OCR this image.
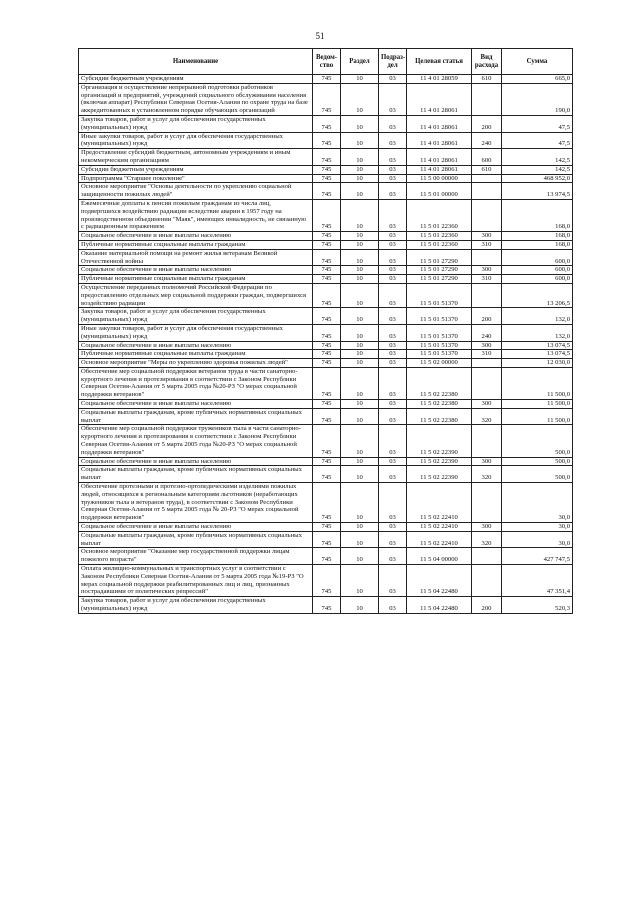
51
Наименование	Ведом-ство	Раздел	Подраз-дел	Целевая статья	Вид расхода	Сумма
Субсидии бюджетным учреждениям	745	10	03	11 4 01 28059	610	665,0
Организация и осуществление непрерывной подготовки работников организаций и предприятий, учреждений социального обслуживания населения (включая аппарат) Республики Северная Осетия-Алания по охране труда на базе аккредитованных в установленном порядке обучающих организаций	745	10	03	11 4 01 28061		190,0
Закупка товаров, работ и услуг для обеспечения государственных (муниципальных) нужд	745	10	03	11 4 01 28061	200	47,5
Иные закупки товаров, работ и услуг для обеспечения государственных (муниципальных) нужд	745	10	03	11 4 01 28061	240	47,5
Предоставление субсидий бюджетным, автономным учреждениям и иным некоммерческим организациям	745	10	03	11 4 01 28061	600	142,5
Субсидии бюджетным учреждениям	745	10	03	11 4 01 28061	610	142,5
Подпрограмма "Старшее поколение"	745	10	03	11 5 00 00000		468 952,0
Основное мероприятие "Основы деятельности по укреплению социальной защищенности пожилых людей"	745	10	03	11 5 01 00000		13 974,5
Ежемесячные доплаты к пенсии пожилым гражданам из числа лиц, подвергшихся воздействию радиации вследствие аварии в 1957 году на производственном объединении "Маяк", имеющих инвалидность, не связанную с радиационным поражением	745	10	03	11 5 01 22360		168,0
Социальное обеспечение и иные выплаты населению	745	10	03	11 5 01 22360	300	168,0
Публичные нормативные социальные выплаты гражданам	745	10	03	11 5 01 22360	310	168,0
Оказание материальной помощи на ремонт жилья ветеранам Великой Отечественной войны	745	10	03	11 5 01 27290		600,0
Социальное обеспечение и иные выплаты населению	745	10	03	11 5 01 27290	300	600,0
Публичные нормативные социальные выплаты гражданам	745	10	03	11 5 01 27290	310	600,0
Осуществление переданных полномочий Российской Федерации по предоставлению отдельных мер социальной поддержки граждан, подвергшихся воздействию радиации	745	10	03	11 5 01 51370		13 206,5
Закупка товаров, работ и услуг для обеспечения государственных (муниципальных) нужд	745	10	03	11 5 01 51370	200	132,0
Иные закупки товаров, работ и услуг для обеспечения государственных (муниципальных) нужд	745	10	03	11 5 01 51370	240	132,0
Социальное обеспечение и иные выплаты населению	745	10	03	11 5 01 51370	300	13 074,5
Публичные нормативные социальные выплаты гражданам	745	10	03	11 5 01 51370	310	13 074,5
Основное мероприятие "Меры по укреплению здоровья пожилых людей"	745	10	03	11 5 02 00000		12 030,0
Обеспечение мер социальной поддержки ветеранов труда в части санаторно-курортного лечения и протезирования в соответствии с Законом Республики Северная Осетия-Алания от 5 марта 2005 года №20-РЗ "О мерах социальной поддержки ветеранов"	745	10	03	11 5 02 22380		11 500,0
Социальное обеспечение и иные выплаты населению	745	10	03	11 5 02 22380	300	11 500,0
Социальные выплаты гражданам, кроме публичных нормативных социальных выплат	745	10	03	11 5 02 22380	320	11 500,0
Обеспечение мер социальной поддержки тружеников тыла в части санаторно-курортного лечения и протезирования в соответствии с Законом Республики Северная Осетия-Алания от 5 марта 2005 года №20-РЗ "О мерах социальной поддержки ветеранов"	745	10	03	11 5 02 22390		500,0
Социальное обеспечение и иные выплаты населению	745	10	03	11 5 02 22390	300	500,0
Социальные выплаты гражданам, кроме публичных нормативных социальных выплат	745	10	03	11 5 02 22390	320	500,0
Обеспечение протезными и протезно-ортопедическими изделиями пожилых людей, относящихся к региональным категориям льготников (неработающих тружеников тыла и ветеранов труда), в соответствии с Законом Республики Северная Осетия-Алания от 5 марта 2005 года № 20-РЗ "О мерах социальной поддержки ветеранов"	745	10	03	11 5 02 22410		30,0
Социальное обеспечение и иные выплаты населению	745	10	03	11 5 02 22410	300	30,0
Социальные выплаты гражданам, кроме публичных нормативных социальных выплат	745	10	03	11 5 02 22410	320	30,0
Основное мероприятие "Оказание мер государственной поддержки лицам пожилого возраста"	745	10	03	11 5 04 00000		427 747,5
Оплата жилищно-коммунальных и транспортных услуг в соответствии с Законом Республики Северная Осетия-Алания от 5 марта 2005 года №19-РЗ "О мерах социальной поддержки реабилитированных лиц и лиц, признанных пострадавшими от политических репрессий"	745	10	03	11 5 04 22480		47 351,4
Закупка товаров, работ и услуг для обеспечения государственных (муниципальных) нужд	745	10	03	11 5 04 22480	200	520,3
